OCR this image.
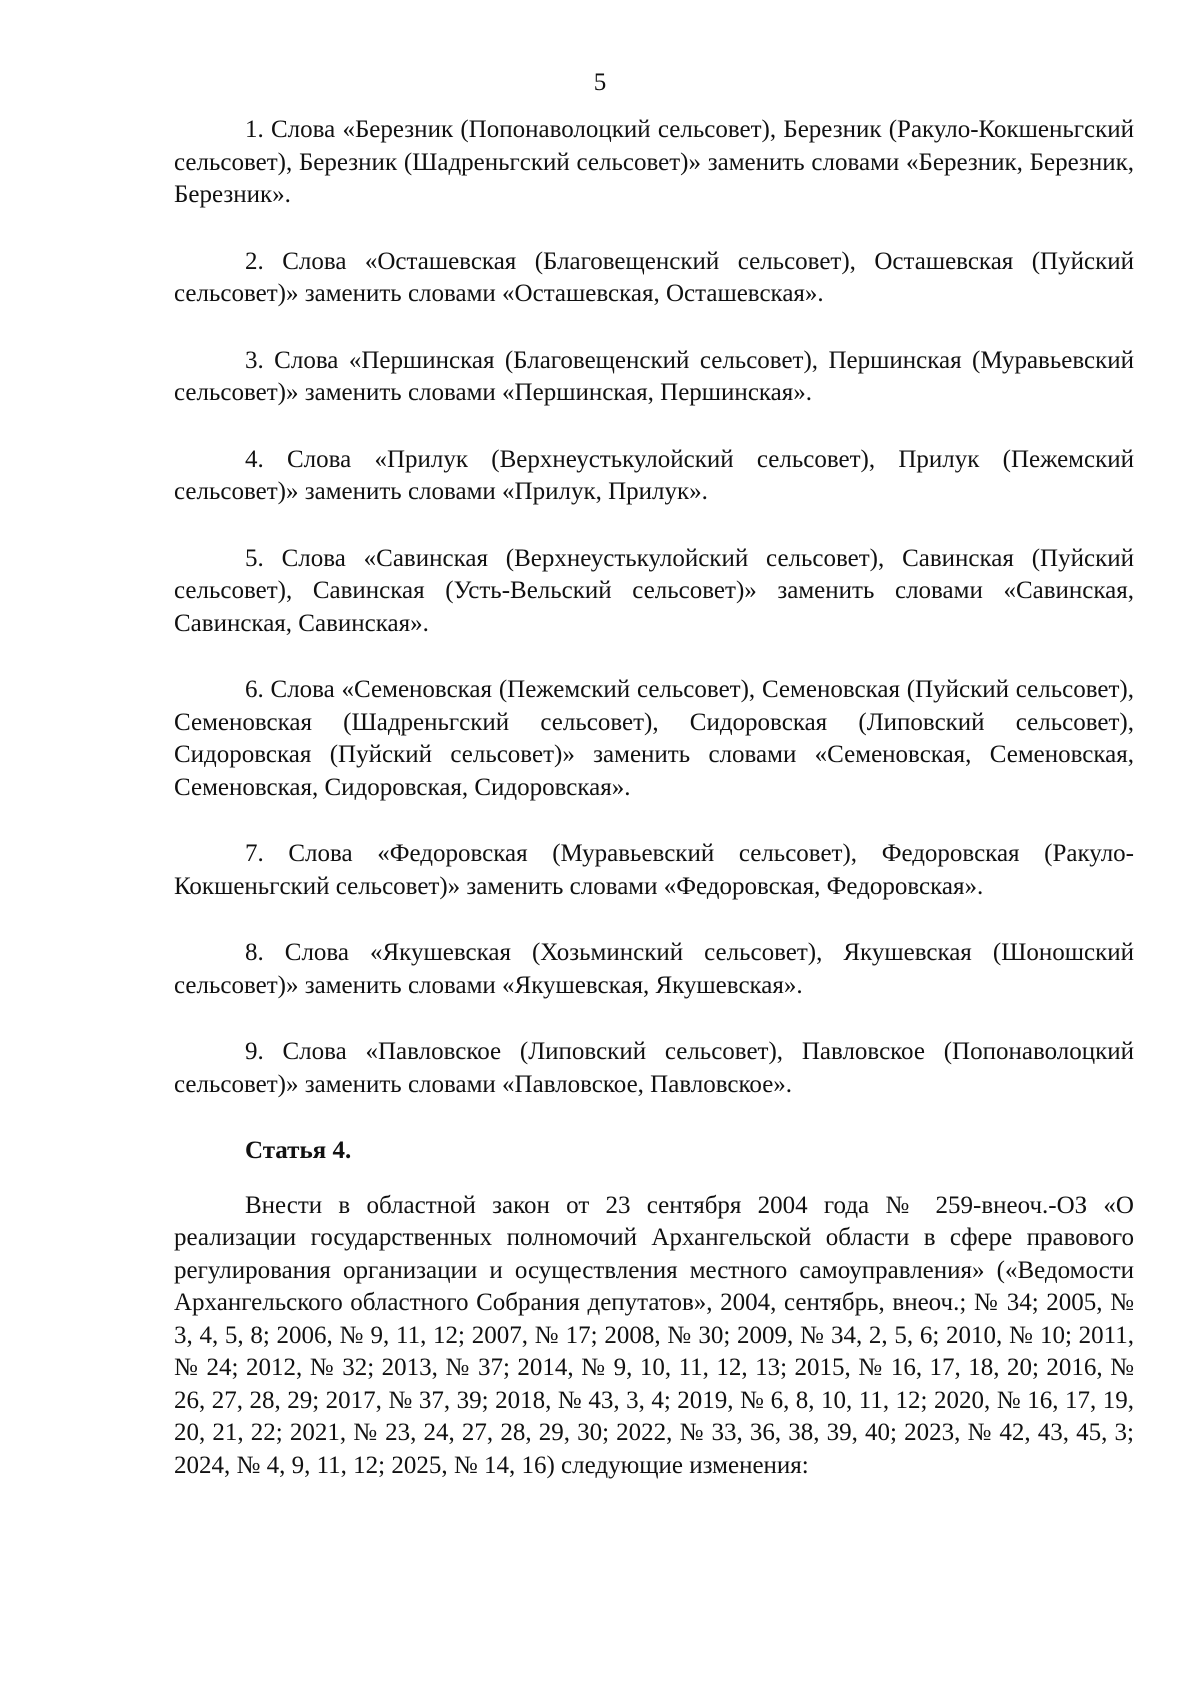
5

1. Слова «Березник (Попонаволоцкий сельсовет), Березник (Ракуло-Кокшеньгский сельсовет), Березник (Шадреньгский сельсовет)» заменить словами «Березник, Березник, Березник».

2. Слова «Осташевская (Благовещенский сельсовет), Осташевская (Пуйский сельсовет)» заменить словами «Осташевская, Осташевская».

3. Слова «Першинская (Благовещенский сельсовет), Першинская (Муравьевский сельсовет)» заменить словами «Першинская, Першинская».

4. Слова «Прилук (Верхнеустькулойский сельсовет), Прилук (Пежемский сельсовет)» заменить словами «Прилук, Прилук».

5. Слова «Савинская (Верхнеустькулойский сельсовет), Савинская (Пуйский сельсовет), Савинская (Усть-Вельский сельсовет)» заменить словами «Савинская, Савинская, Савинская».

6. Слова «Семеновская (Пежемский сельсовет), Семеновская (Пуйский сельсовет), Семеновская (Шадреньгский сельсовет), Сидоровская (Липовский сельсовет), Сидоровская (Пуйский сельсовет)» заменить словами «Семеновская, Семеновская, Семеновская, Сидоровская, Сидоровская».

7. Слова «Федоровская (Муравьевский сельсовет), Федоровская (Ракуло-Кокшеньгский сельсовет)» заменить словами «Федоровская, Федоровская».

8. Слова «Якушевская (Хозьминский сельсовет), Якушевская (Шоношский сельсовет)» заменить словами «Якушевская, Якушевская».

9. Слова «Павловское (Липовский сельсовет), Павловское (Попонаволоцкий сельсовет)» заменить словами «Павловское, Павловское».

Статья 4.

Внести в областной закон от 23 сентября 2004 года № 259-внеоч.-ОЗ «О реализации государственных полномочий Архангельской области в сфере правового регулирования организации и осуществления местного самоуправления» («Ведомости Архангельского областного Собрания депутатов», 2004, сентябрь, внеоч.; № 34; 2005, № 3, 4, 5, 8; 2006, № 9, 11, 12; 2007, № 17; 2008, № 30; 2009, № 34, 2, 5, 6; 2010, № 10; 2011, № 24; 2012, № 32; 2013, № 37; 2014, № 9, 10, 11, 12, 13; 2015, № 16, 17, 18, 20; 2016, № 26, 27, 28, 29; 2017, № 37, 39; 2018, № 43, 3, 4; 2019, № 6, 8, 10, 11, 12; 2020, № 16, 17, 19, 20, 21, 22; 2021, № 23, 24, 27, 28, 29, 30; 2022, № 33, 36, 38, 39, 40; 2023, № 42, 43, 45, 3; 2024, № 4, 9, 11, 12; 2025, № 14, 16) следующие изменения:
